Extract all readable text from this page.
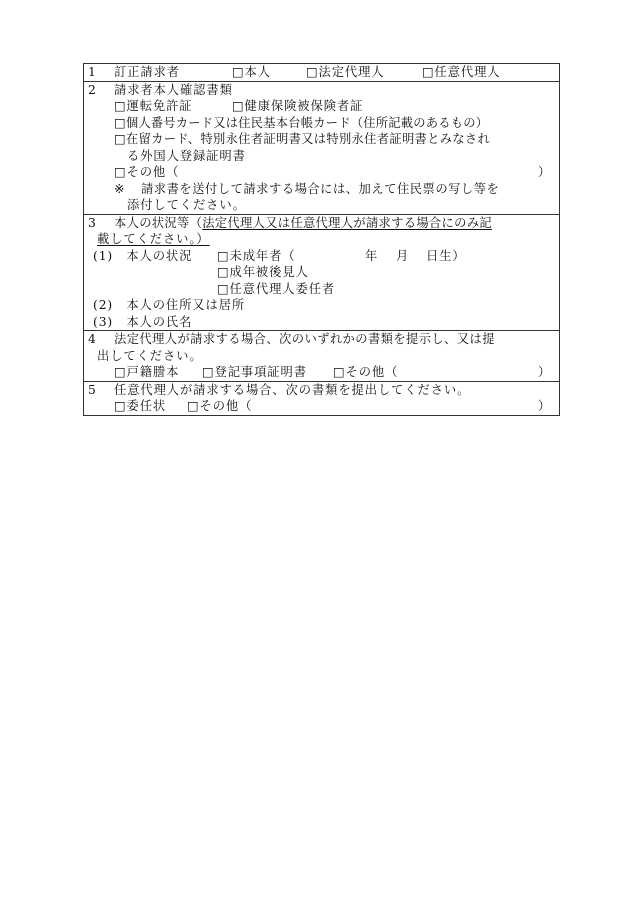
1 訂正請求者	□本人	□法定代理人	□任意代理人
2 請求者本人確認書類
□運転免許証	□健康保険被保険者証
□個人番号カード又は住民基本台帳カード（住所記載のあるもの）
□在留カード、特別永住者証明書又は特別永住者証明書とみなされ
る外国人登録証明書
□その他（	）
※ 請求書を送付して請求する場合には、加えて住民票の写し等を
添付してください。
3 本人の状況等（法定代理人又は任意代理人が請求する場合にのみ記
載してください。）
(1)　本人の状況 □未成年者（	年 月 日生）
□成年被後見人
□任意代理人委任者
(2)　本人の住所又は居所
(3)　本人の氏名
4 法定代理人が請求する場合、次のいずれかの書類を提示し、又は提
出してください。
□戸籍謄本 □登記事項証明書 □その他（	）
5 任意代理人が請求する場合、次の書類を提出してください。
□委任状 □その他（	）
